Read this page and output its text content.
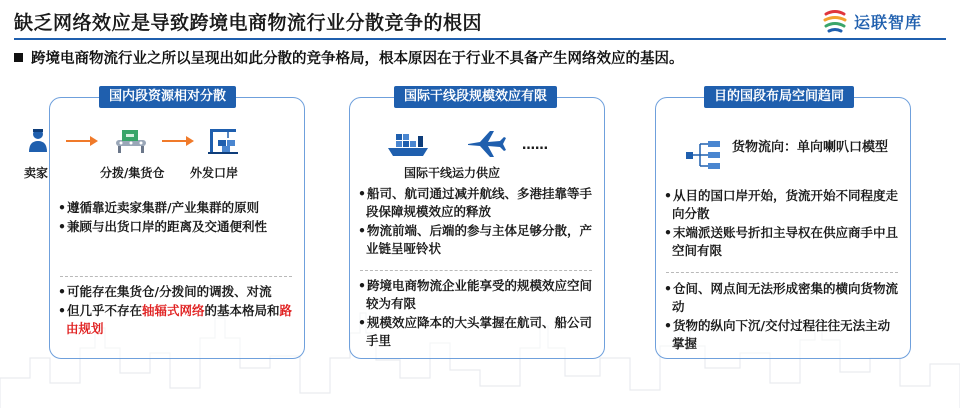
缺乏网络效应是导致跨境电商物流行业分散竞争的根因	运联智库
跨境电商物流行业之所以呈现出如此分散的竞争格局，根本原因在于行业不具备产生网络效应的基因。
国内段资源相对分散
卖家	分拨/集货仓 外发口岸
• 遵循靠近卖家集群/产业集群的原则
• 兼顾与出货口岸的距离及交通便利性
• 可能存在集货仓/分拨间的调拨、对流
• 但几乎不存在轴辐式网络的基本格局和路由规划
国际干线段规模效应有限
……
国际干线运力供应
• 船司、航司通过减并航线、多港挂靠等手段保障规模效应的释放
• 物流前端、后端的参与主体足够分散，产业链呈哑铃状
• 跨境电商物流企业能享受的规模效应空间较为有限
• 规模效应降本的大头掌握在航司、船公司手里
目的国段布局空间趋同
货物流向：单向喇叭口模型
• 从目的国口岸开始，货流开始不同程度走向分散
• 末端派送账号折扣主导权在供应商手中且空间有限
• 仓间、网点间无法形成密集的横向货物流动
• 货物的纵向下沉/交付过程往往无法主动掌握
